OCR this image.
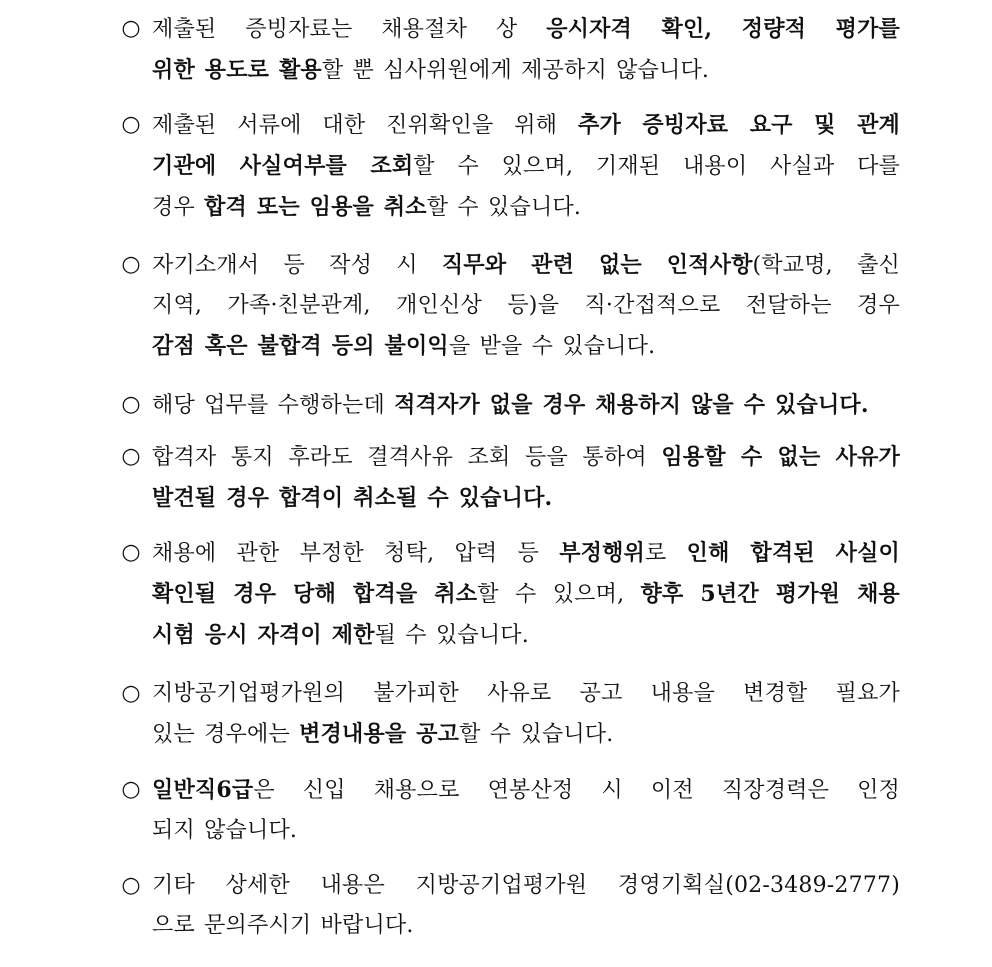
○ 제출된 증빙자료는 채용절차 상 응시자격 확인, 정량적 평가를
위한 용도로 활용할 뿐 심사위원에게 제공하지 않습니다.
○ 제출된 서류에 대한 진위확인을 위해 추가 증빙자료 요구 및 관계
기관에 사실여부를 조회할 수 있으며, 기재된 내용이 사실과 다를
경우 합격 또는 임용을 취소할 수 있습니다.
○ 자기소개서 등 작성 시 직무와 관련 없는 인적사항(학교명, 출신
지역, 가족·친분관계, 개인신상 등)을 직·간접적으로 전달하는 경우
감점 혹은 불합격 등의 불이익을 받을 수 있습니다.
○ 해당 업무를 수행하는데 적격자가 없을 경우 채용하지 않을 수 있습니다.
○ 합격자 통지 후라도 결격사유 조회 등을 통하여 임용할 수 없는 사유가
발견될 경우 합격이 취소될 수 있습니다.
○ 채용에 관한 부정한 청탁, 압력 등 부정행위로 인해 합격된 사실이
확인될 경우 당해 합격을 취소할 수 있으며, 향후 5년간 평가원 채용
시험 응시 자격이 제한될 수 있습니다.
○ 지방공기업평가원의 불가피한 사유로 공고 내용을 변경할 필요가
있는 경우에는 변경내용을 공고할 수 있습니다.
○ 일반직6급은 신입 채용으로 연봉산정 시 이전 직장경력은 인정
되지 않습니다.
○ 기타 상세한 내용은 지방공기업평가원 경영기획실(02-3489-2777)
으로 문의주시기 바랍니다.
